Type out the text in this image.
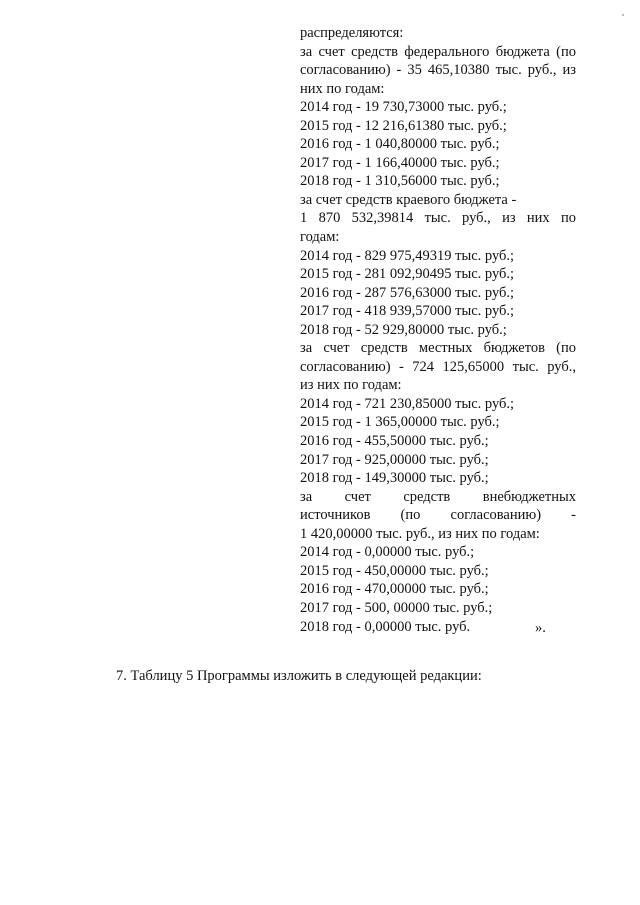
распределяются:
за счет средств федерального бюджета (по
согласованию) - 35 465,10380 тыс. руб., из
них по годам:
2014 год - 19 730,73000 тыс. руб.;
2015 год - 12 216,61380 тыс. руб.;
2016 год - 1 040,80000 тыс. руб.;
2017 год - 1 166,40000 тыс. руб.;
2018 год - 1 310,56000 тыс. руб.;
за счет средств краевого бюджета -
1 870 532,39814 тыс. руб., из них по
годам:
2014 год - 829 975,49319 тыс. руб.;
2015 год - 281 092,90495 тыс. руб.;
2016 год - 287 576,63000 тыс. руб.;
2017 год - 418 939,57000 тыс. руб.;
2018 год - 52 929,80000 тыс. руб.;
за счет средств местных бюджетов (по
согласованию) - 724 125,65000 тыс. руб.,
из них по годам:
2014 год - 721 230,85000 тыс. руб.;
2015 год - 1 365,00000 тыс. руб.;
2016 год - 455,50000 тыс. руб.;
2017 год - 925,00000 тыс. руб.;
2018 год - 149,30000 тыс. руб.;
за счет средств внебюджетных
источников (по согласованию) -
1 420,00000 тыс. руб., из них по годам:
2014 год - 0,00000 тыс. руб.;
2015 год - 450,00000 тыс. руб.;
2016 год - 470,00000 тыс. руб.;
2017 год - 500, 00000 тыс. руб.;
2018 год - 0,00000 тыс. руб.	».
7. Таблицу 5 Программы изложить в следующей редакции:
